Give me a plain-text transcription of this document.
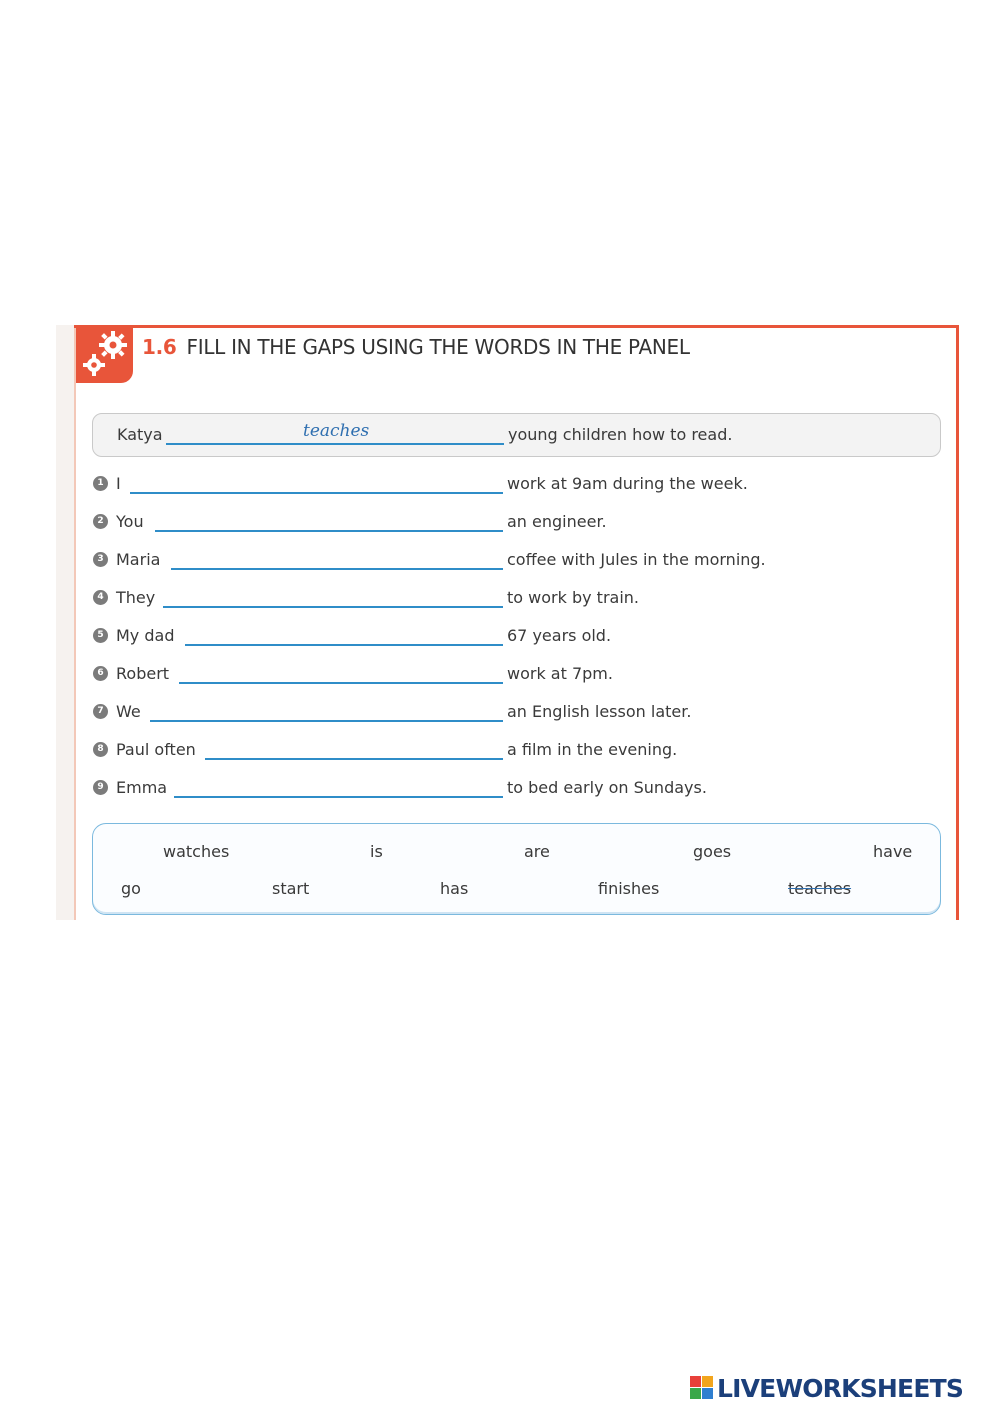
1.6 FILL IN THE GAPS USING THE WORDS IN THE PANEL
Katya	teaches	young children how to read.
1 I	work at 9am during the week.
2 You	an engineer.
3 Maria	coffee with Jules in the morning.
4 They	to work by train.
5 My dad	67 years old.
6 Robert	work at 7pm.
7 We	an English lesson later.
8 Paul often	a film in the evening.
9 Emma	to bed early on Sundays.
watches	is	are	goes	have
go	start	has	finishes	teaches
LIVEWORKSHEETS
